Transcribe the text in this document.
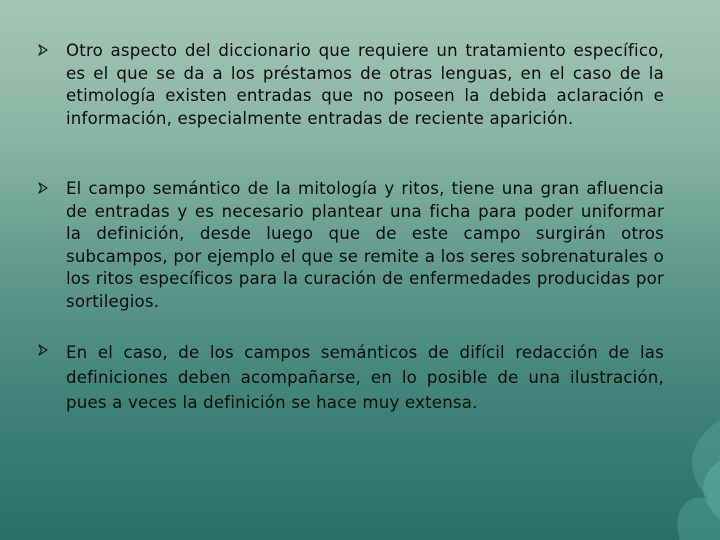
Otro aspecto del diccionario que requiere un tratamiento específico, es el que se da a los préstamos de otras lenguas, en el caso de la etimología existen entradas que no poseen la debida aclaración e información, especialmente entradas de reciente aparición.

El campo semántico de la mitología y ritos, tiene una gran afluencia de entradas y es necesario plantear una ficha para poder uniformar la definición, desde luego que de este campo surgirán otros subcampos, por ejemplo el que se remite a los seres sobrenaturales o los ritos específicos para la curación de enfermedades producidas por sortilegios.

En el caso, de los campos semánticos de difícil redacción de las definiciones deben acompañarse, en lo posible de una ilustración, pues a veces la definición se hace muy extensa.
